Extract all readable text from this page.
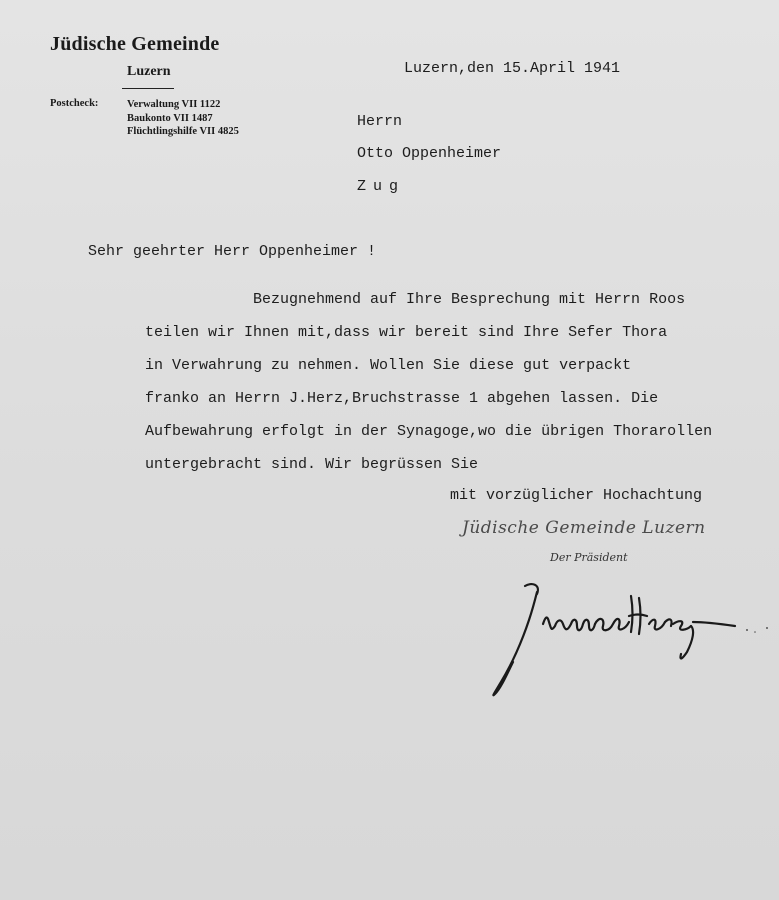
Jüdische Gemeinde
Luzern
Postcheck:	Verwaltung VII 1122
Baukonto VII 1487
Flüchtlingshilfe VII 4825
Luzern,den 15.April 1941
Herrn
Otto Oppenheimer
Zug
Sehr geehrter Herr Oppenheimer !
Bezugnehmend auf Ihre Besprechung mit Herrn Roos
teilen wir Ihnen mit,dass wir bereit sind Ihre Sefer Thora
in Verwahrung zu nehmen. Wollen Sie diese gut verpackt
franko an Herrn J.Herz,Bruchstrasse 1 abgehen lassen. Die
Aufbewahrung erfolgt in der Synagoge,wo die übrigen Thorarollen
untergebracht sind. Wir begrüssen Sie
mit vorzüglicher Hochachtung
Jüdische Gemeinde Luzern
Der Präsident
